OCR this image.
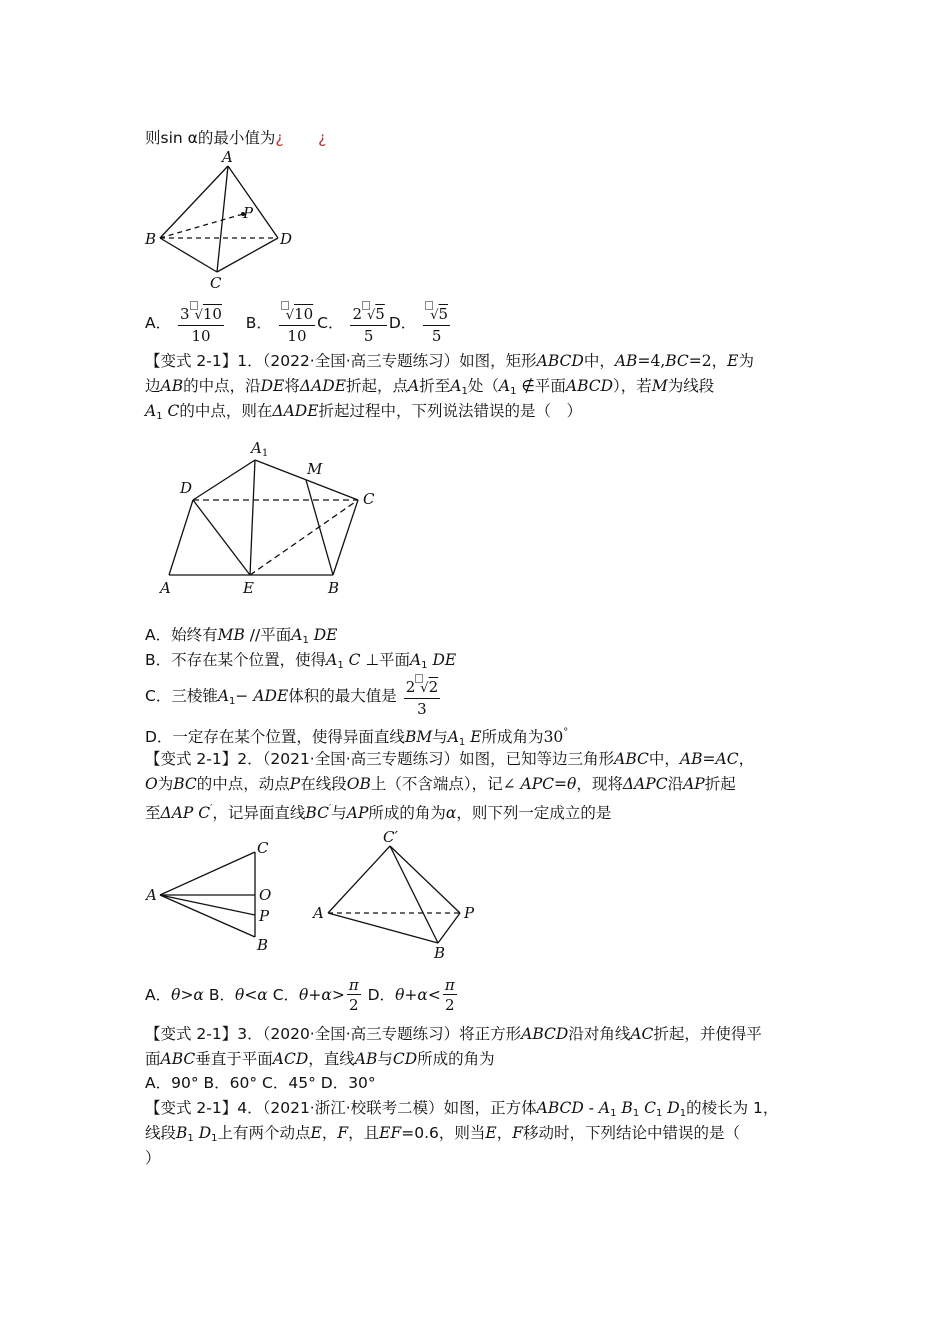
则sin α的最小值为¿ ¿
A
B
C
D
P
A． $\frac{3 √10}{10}$ B． $\frac{√10}{10}$ C． $\frac{2 √5}{5}$ D． $\frac{√5}{5}$
【变式 2-1】1．（2022·全国·高三专题练习）如图，矩形ABCD中，AB=4,BC=2，E为
边AB的中点，沿DE将ΔADE折起，点A折至$A_1$处（$A_1$ ∉平面ABCD），若M为线段
$A_1$ C的中点，则在ΔADE折起过程中，下列说法错误的是（　）
$A_1$
M
D
C
A	E	B
A．始终有MB //平面$A_1$ DE
B．不存在某个位置，使得$A_1$ C ⊥平面$A_1$ DE
C．三棱锥$A_1-$ ADE体积的最大值是 $\frac{2 √2}{3}$
D．一定存在某个位置，使得异面直线BM与$A_1$ E所成角为30°
【变式 2-1】2．（2021·全国·高三专题练习）如图，已知等边三角形ABC中，AB=AC，
O为BC的中点，动点P在线段OB上（不含端点），记∠ APC=θ，现将ΔAPC沿AP折起
至ΔAP C′，记异面直线BC′与AP所成的角为α，则下列一定成立的是
A
C
O
P
B
C′
A	P
B
A．θ>α B．θ<α C．$\theta+\alpha> \frac{\pi}{2}$ D．$\theta+\alpha< \frac{\pi}{2}$
【变式 2-1】3．（2020·全国·高三专题练习）将正方形ABCD沿对角线AC折起，并使得平
面ABC垂直于平面ACD，直线AB与CD所成的角为
A．90° B．60° C．45° D．30°
【变式 2-1】4．（2021·浙江·校联考二模）如图，正方体ABCD - $A_1$ $B_1$ $C_1$ $D_1$的棱长为 1，
线段$B_1$ $D_1$上有两个动点E，F，且EF=0.6，则当E，F移动时，下列结论中错误的是（
）
